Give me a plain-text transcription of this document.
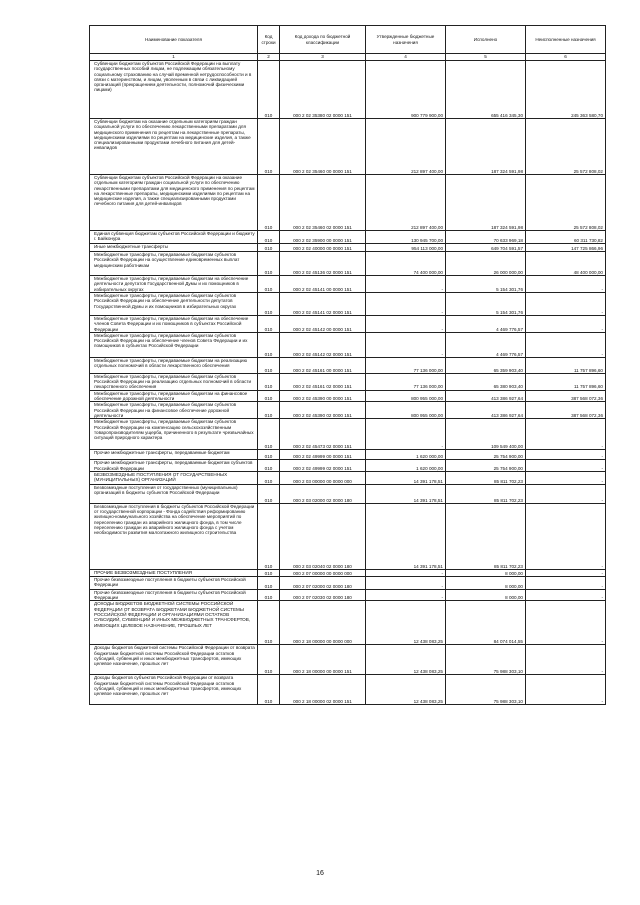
Наименование показателя	Код строки	Код дохода по бюджетной классификации	Утвержденные бюджетные назначения	Исполнено	Неисполненные назначения
1	2	3	4	5	6
Субвенции бюджетам субъектов Российской Федерации на выплату государственных пособий лицам, не подлежащим обязательному социальному страхованию на случай временной нетрудоспособности и в связи с материнством, и лицам, уволенным в связи с ликвидацией организаций (прекращением деятельности, полномочий физическими лицами)	010	000 2 02 35380 02 0000 151	900 779 900,00	655 416 345,30	245 363 580,70
Субвенции бюджетам на оказание отдельным категориям граждан социальной услуги по обеспечению лекарственными препаратами для медицинского применения по рецептам на лекарственные препараты, медицинскими изделиями по рецептам на медицинские изделия, а также специализированными продуктами лечебного питания для детей-инвалидов	010	000 2 02 35460 00 0000 151	212 897 400,00	187 324 591,98	25 572 808,02
Субвенции бюджетам субъектов Российской Федерации на оказание отдельным категориям граждан социальной услуги по обеспечению лекарственными препаратами для медицинского применения по рецептам на лекарственные препараты, медицинскими изделиями по рецептам на медицинские изделия, а также специализированными продуктами лечебного питания для детей-инвалидов	010	000 2 02 35460 02 0000 151	212 897 400,00	187 324 591,98	25 572 808,02
Единая субвенция бюджетам субъектов Российской Федерации и бюджету г. Байконура	010	000 2 02 35900 00 0000 151	130 945 700,00	70 633 969,18	60 311 730,82
Иные межбюджетные трансферты	010	000 2 02 40000 00 0000 151	954 113 000,00	649 704 591,57	147 725 866,96
Межбюджетные трансферты, передаваемые бюджетам субъектов Российской Федерации на осуществление единовременных выплат медицинским работникам	010	000 2 02 45136 02 0000 151	74 400 000,00	26 000 000,00	48 400 000,00
Межбюджетные трансферты, передаваемые бюджетам на обеспечение деятельности депутатов Государственной Думы и их помощников в избирательных округах	010	000 2 02 45141 00 0000 151	-	5 154 301,76	-
Межбюджетные трансферты, передаваемые бюджетам субъектов Российской Федерации на обеспечение деятельности депутатов Государственной Думы и их помощников в избирательных округах	010	000 2 02 45141 02 0000 151	-	5 154 301,76	-
Межбюджетные трансферты, передаваемые бюджетам на обеспечение членов Совета Федерации и их помощников в субъектах Российской Федерации	010	000 2 02 45142 00 0000 151	-	4 469 776,57	-
Межбюджетные трансферты, передаваемые бюджетам субъектов Российской Федерации на обеспечение членов Совета Федерации и их помощников в субъектах Российской Федерации	010	000 2 02 45142 02 0000 151	-	4 469 776,57	-
Межбюджетные трансферты, передаваемые бюджетам на реализацию отдельных полномочий в области лекарственного обеспечения	010	000 2 02 45161 00 0000 151	77 136 000,00	65 359 903,40	11 757 896,60
Межбюджетные трансферты, передаваемые бюджетам субъектов Российской Федерации на реализацию отдельных полномочий в области лекарственного обеспечения	010	000 2 02 45161 02 0000 151	77 136 000,00	65 380 903,40	11 757 896,60
Межбюджетные трансферты, передаваемые бюджетам на финансовое обеспечение дорожной деятельности	010	000 2 02 45390 00 0000 151	800 955 000,00	413 386 927,64	387 568 072,36
Межбюджетные трансферты, передаваемые бюджетам субъектов Российской Федерации на финансовое обеспечение дорожной деятельности	010	000 2 02 45390 02 0000 151	800 955 000,00	413 386 927,64	387 568 072,36
Межбюджетные трансферты, передаваемые бюджетам субъектов Российской Федерации на компенсацию сельскохозяйственным товаропроизводителям ущерба, причиненного в результате чрезвычайных ситуаций природного характера	010	000 2 02 45473 02 0000 151	-	109 549 400,00	-
Прочие межбюджетные трансферты, передаваемые бюджетам	010	000 2 02 49999 00 0000 151	1 620 000,00	25 754 900,00	-
Прочие межбюджетные трансферты, передаваемые бюджетам субъектов Российской Федерации	010	000 2 02 49999 02 0000 151	1 620 000,00	25 754 900,00	-
БЕЗВОЗМЕЗДНЫЕ ПОСТУПЛЕНИЯ ОТ ГОСУДАРСТВЕННЫХ (МУНИЦИПАЛЬНЫХ) ОРГАНИЗАЦИЙ	010	000 2 03 00000 00 0000 000	14 391 178,51	85 811 702,23	-
Безвозмездные поступления от государственных (муниципальных) организаций в бюджеты субъектов Российской Федерации	010	000 2 03 02000 02 0000 180	14 391 178,51	85 811 702,23	-
Безвозмездные поступления в бюджеты субъектов Российской Федерации от государственной корпорации - Фонда содействия реформированию жилищно-коммунального хозяйства на обеспечение мероприятий по переселению граждан из аварийного жилищного фонда, в том числе переселению граждан из аварийного жилищного фонда с учетом необходимости развития малоэтажного жилищного строительства	010	000 2 03 02040 02 0000 180	14 391 178,51	85 811 702,23	-
ПРОЧИЕ БЕЗВОЗМЕЗДНЫЕ ПОСТУПЛЕНИЯ	010	000 2 07 00000 00 0000 000	-	8 000,00	-
Прочие безвозмездные поступления в бюджеты субъектов Российской Федерации	010	000 2 07 02000 02 0000 180	-	8 000,00	-
Прочие безвозмездные поступления в бюджеты субъектов Российской Федерации	010	000 2 07 02030 02 0000 180	-	8 000,00	-
ДОХОДЫ БЮДЖЕТОВ БЮДЖЕТНОЙ СИСТЕМЫ РОССИЙСКОЙ ФЕДЕРАЦИИ ОТ ВОЗВРАТА БЮДЖЕТАМИ БЮДЖЕТНОЙ СИСТЕМЫ РОССИЙСКОЙ ФЕДЕРАЦИИ И ОРГАНИЗАЦИЯМИ ОСТАТКОВ СУБСИДИЙ, СУБВЕНЦИЙ И ИНЫХ МЕЖБЮДЖЕТНЫХ ТРАНСФЕРТОВ, ИМЕЮЩИХ ЦЕЛЕВОЕ НАЗНАЧЕНИЕ, ПРОШЛЫХ ЛЕТ	010	000 2 18 00000 00 0000 000	12 438 083,25	84 074 014,55	-
Доходы бюджетов бюджетной системы Российской Федерации от возврата бюджетами бюджетной системы Российской Федерации остатков субсидий, субвенций и иных межбюджетных трансфертов, имеющих целевое назначение, прошлых лет	010	000 2 18 00000 00 0000 151	12 438 083,25	75 988 303,10	-
Доходы бюджетов субъектов Российской Федерации от возврата бюджетами бюджетной системы Российской Федерации остатков субсидий, субвенций и иных межбюджетных трансфертов, имеющих целевое назначение, прошлых лет	010	000 2 18 00000 02 0000 151	12 438 083,25	75 988 303,10	-
16
